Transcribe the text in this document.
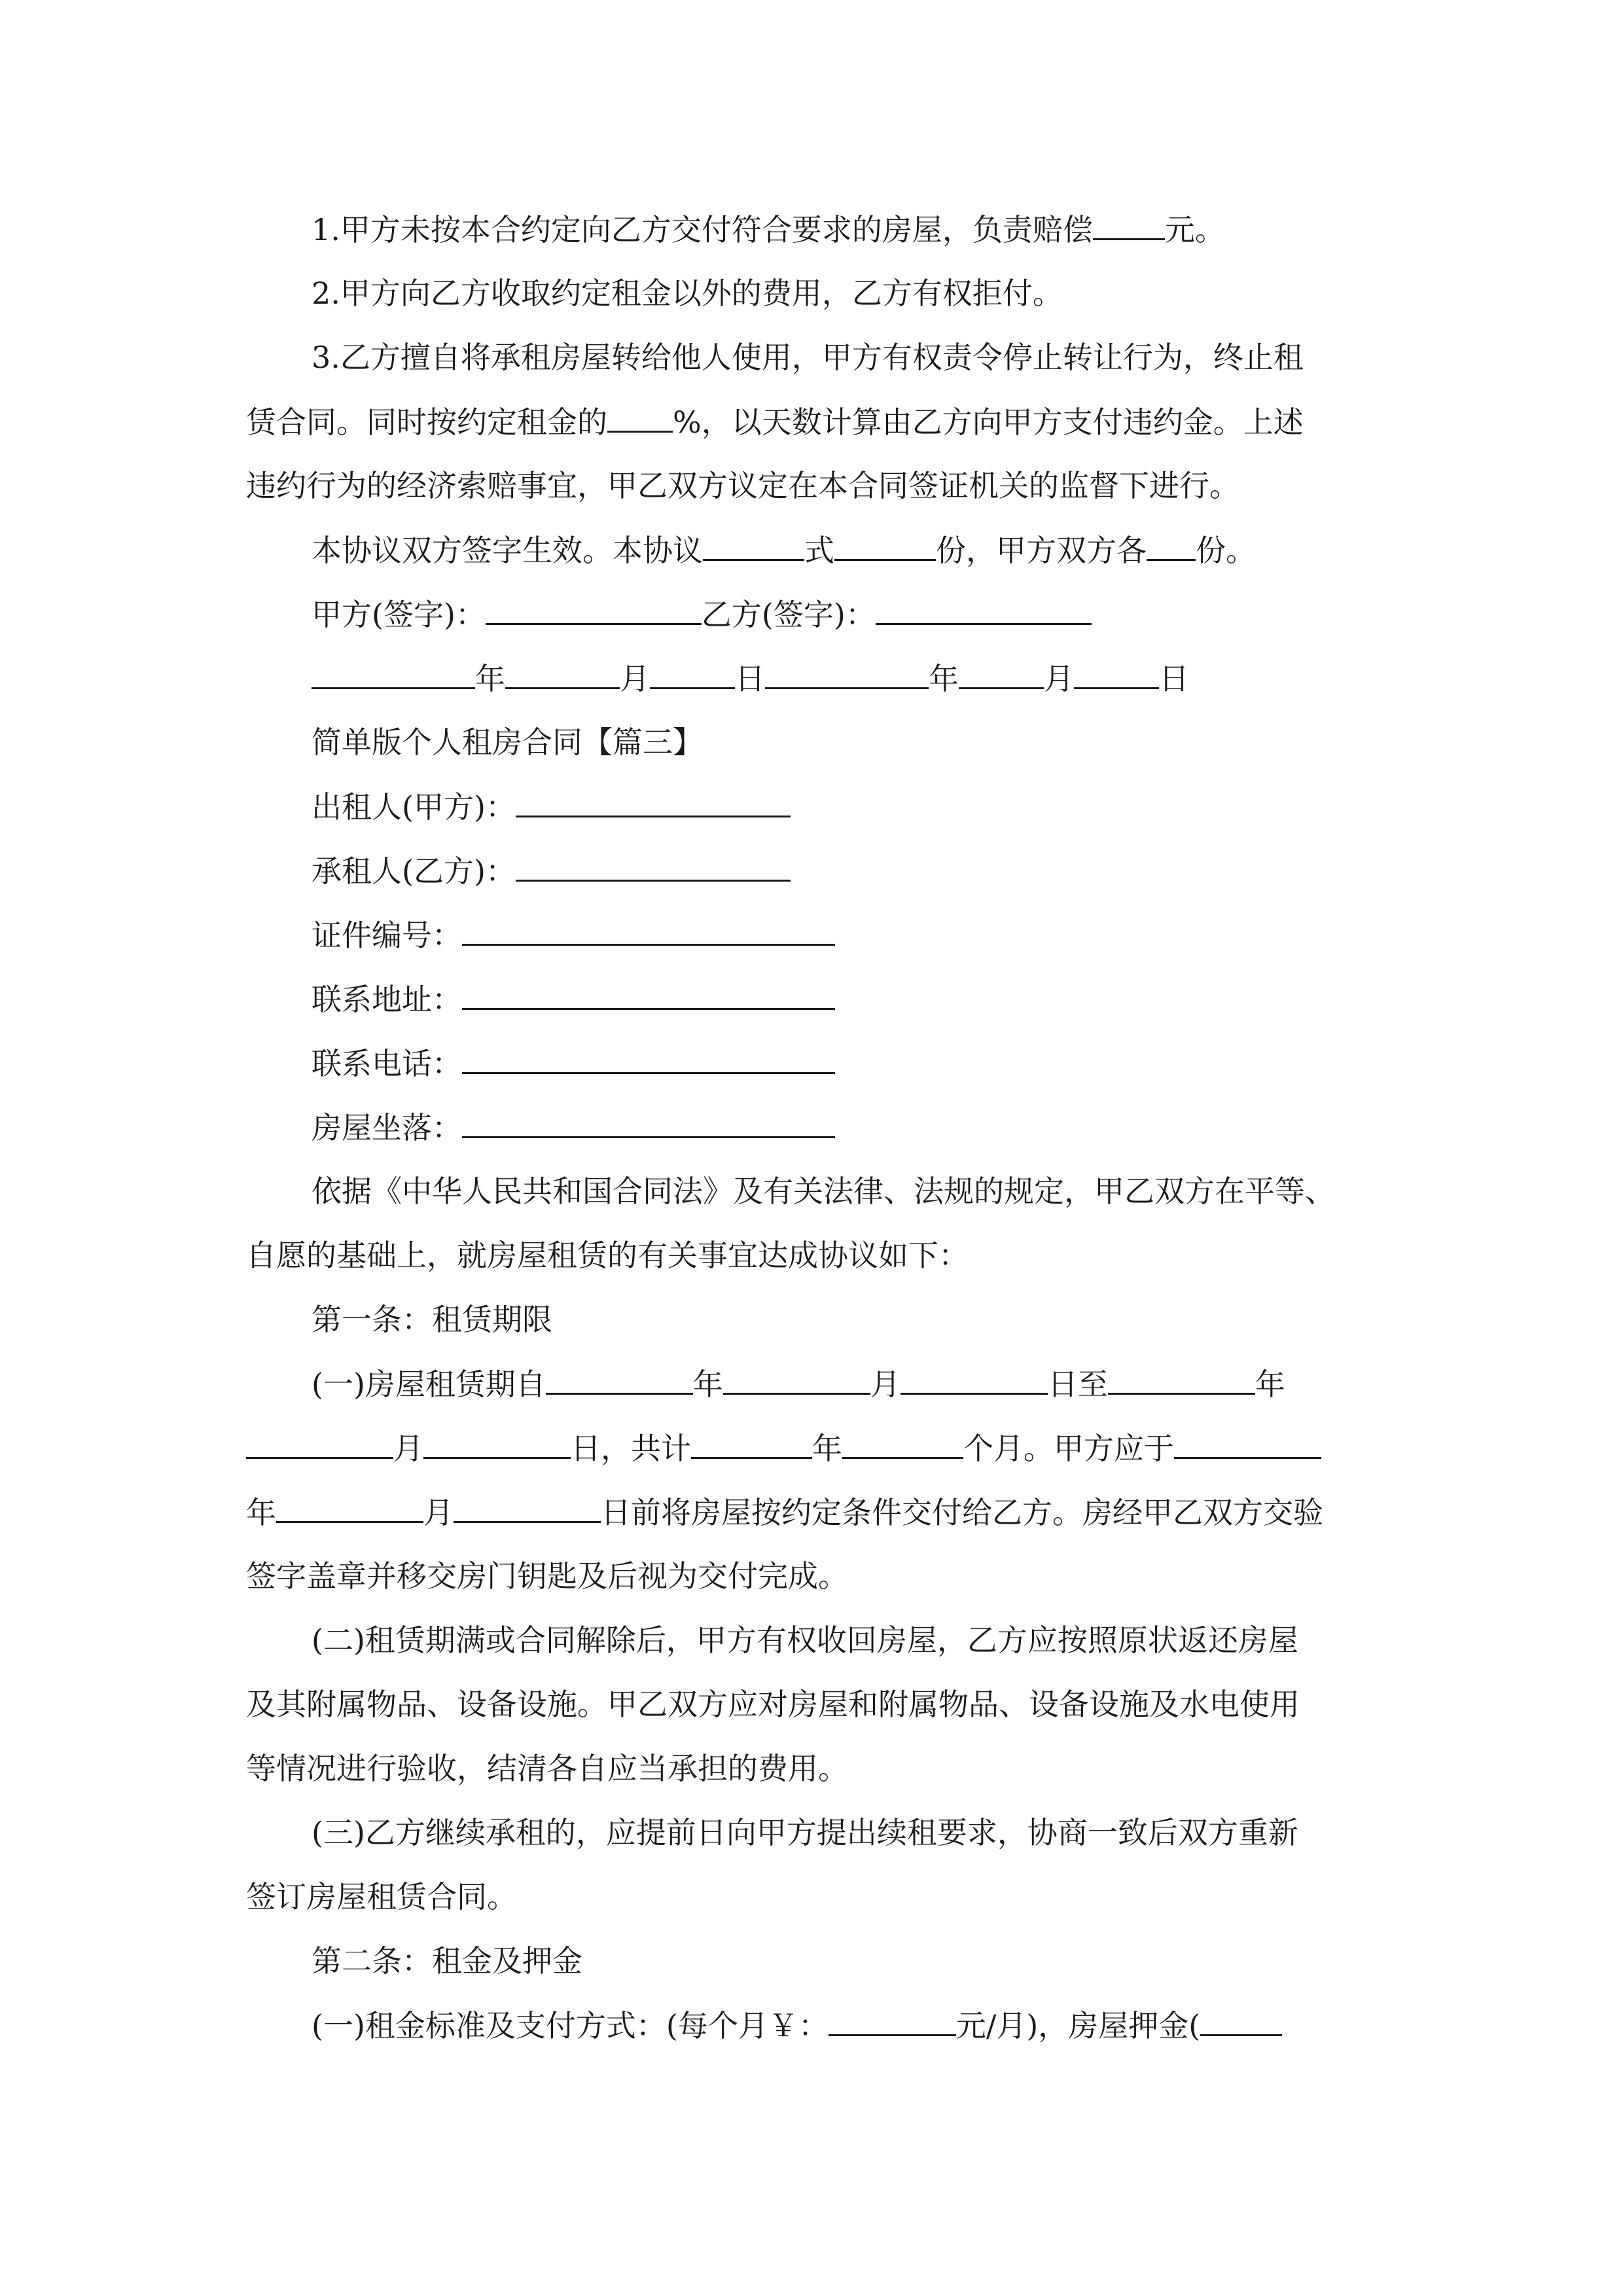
1.甲方未按本合约定向乙方交付符合要求的房屋，负责赔偿 元。
2.甲方向乙方收取约定租金以外的费用，乙方有权拒付。
3.乙方擅自将承租房屋转给他人使用，甲方有权责令停止转让行为，终止租
赁合同。同时按约定租金的 %，以天数计算由乙方向甲方支付违约金。上述
违约行为的经济索赔事宜，甲乙双方议定在本合同签证机关的监督下进行。
本协议双方签字生效。本协议	式	份，甲方双方各 份。
甲方(签字)：	乙方(签字)：
年	月	日	年	月	日
简单版个人租房合同【篇三】
出租人(甲方)：
承租人(乙方)：
证件编号：
联系地址：
联系电话：
房屋坐落：
依据《中华人民共和国合同法》及有关法律、法规的规定，甲乙双方在平等、
自愿的基础上，就房屋租赁的有关事宜达成协议如下：
第一条：租赁期限
(一)房屋租赁期自	年	月	日至	年
月	日，共计	年	个月。甲方应于
年	月	日前将房屋按约定条件交付给乙方。房经甲乙双方交验
签字盖章并移交房门钥匙及后视为交付完成。
(二)租赁期满或合同解除后，甲方有权收回房屋，乙方应按照原状返还房屋
及其附属物品、设备设施。甲乙双方应对房屋和附属物品、设备设施及水电使用
等情况进行验收，结清各自应当承担的费用。
(三)乙方继续承租的，应提前日向甲方提出续租要求，协商一致后双方重新
签订房屋租赁合同。
第二条：租金及押金
(一)租金标准及支付方式：(每个月￥：	元/月)，房屋押金(
